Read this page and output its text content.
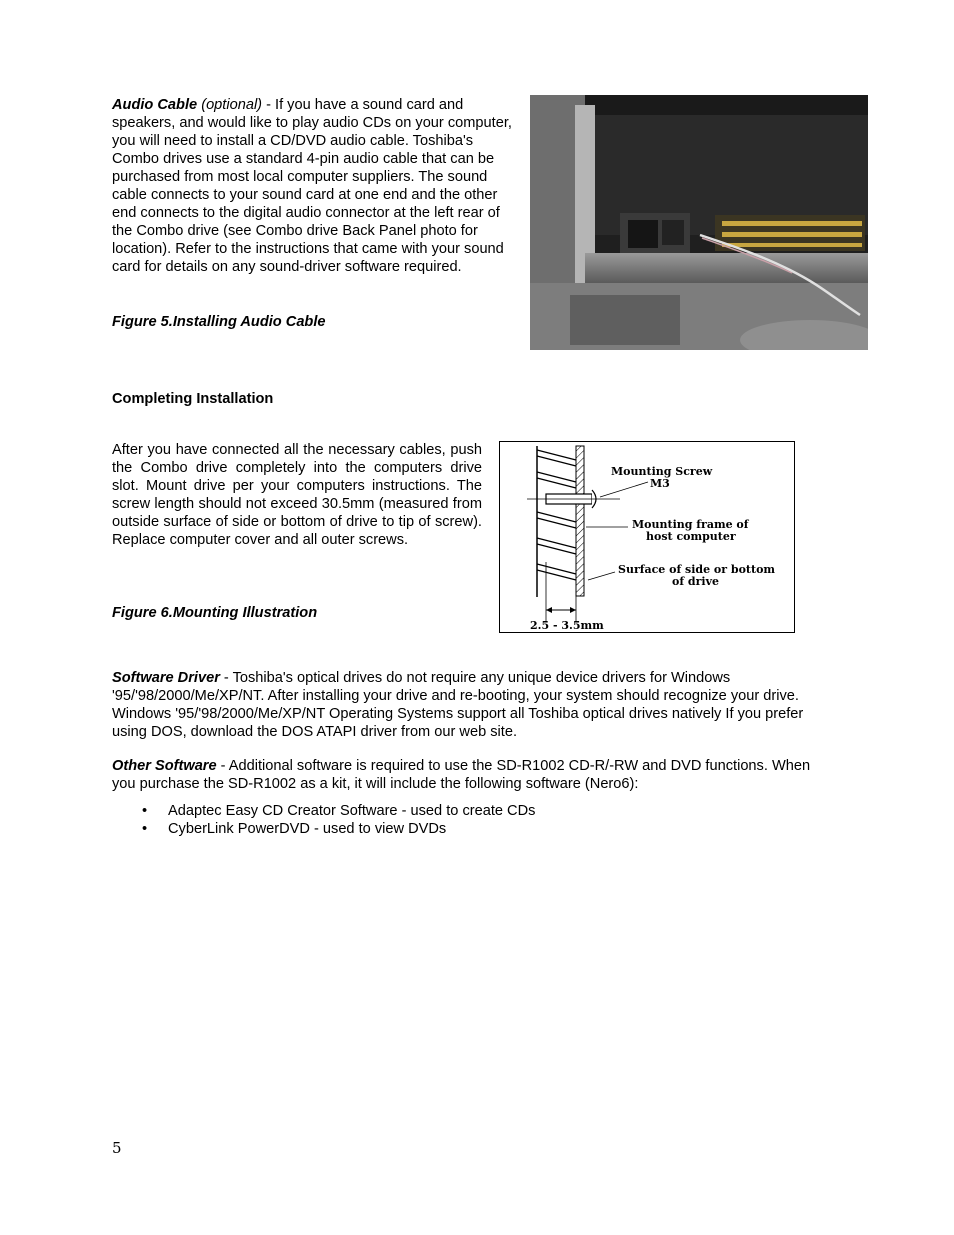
Audio Cable (optional) - If you have a sound card and speakers, and would like to play audio CDs on your computer, you will need to install a CD/DVD audio cable. Toshiba's Combo drives use a standard 4-pin audio cable that can be purchased from most local computer suppliers. The sound cable connects to your sound card at one end and the other end connects to the digital audio connector at the left rear of the Combo drive (see Combo drive Back Panel photo for location). Refer to the instructions that came with your sound card for details on any sound-driver software required.
Figure 5.Installing Audio Cable
Completing Installation
After you have connected all the necessary cables, push the Combo drive completely into the computers drive slot. Mount drive per your computers instructions. The screw length should not exceed 30.5mm (measured from outside surface of side or bottom of drive to tip of screw). Replace computer cover and all outer screws.
Figure 6.Mounting Illustration
Mounting Screw
M3
Mounting frame of
host computer
Surface of side or bottom
of drive
2.5 - 3.5mm
Software Driver - Toshiba's optical drives do not require any unique device drivers for Windows '95/'98/2000/Me/XP/NT. After installing your drive and re-booting, your system should recognize your drive. Windows '95/'98/2000/Me/XP/NT Operating Systems support all Toshiba optical drives natively If you prefer using DOS, download the DOS ATAPI driver from our web site.
Other Software - Additional software is required to use the SD-R1002 CD-R/-RW and DVD functions. When you purchase the SD-R1002 as a kit, it will include the following software (Nero6):
• Adaptec Easy CD Creator Software - used to create CDs
• CyberLink PowerDVD - used to view DVDs
5
